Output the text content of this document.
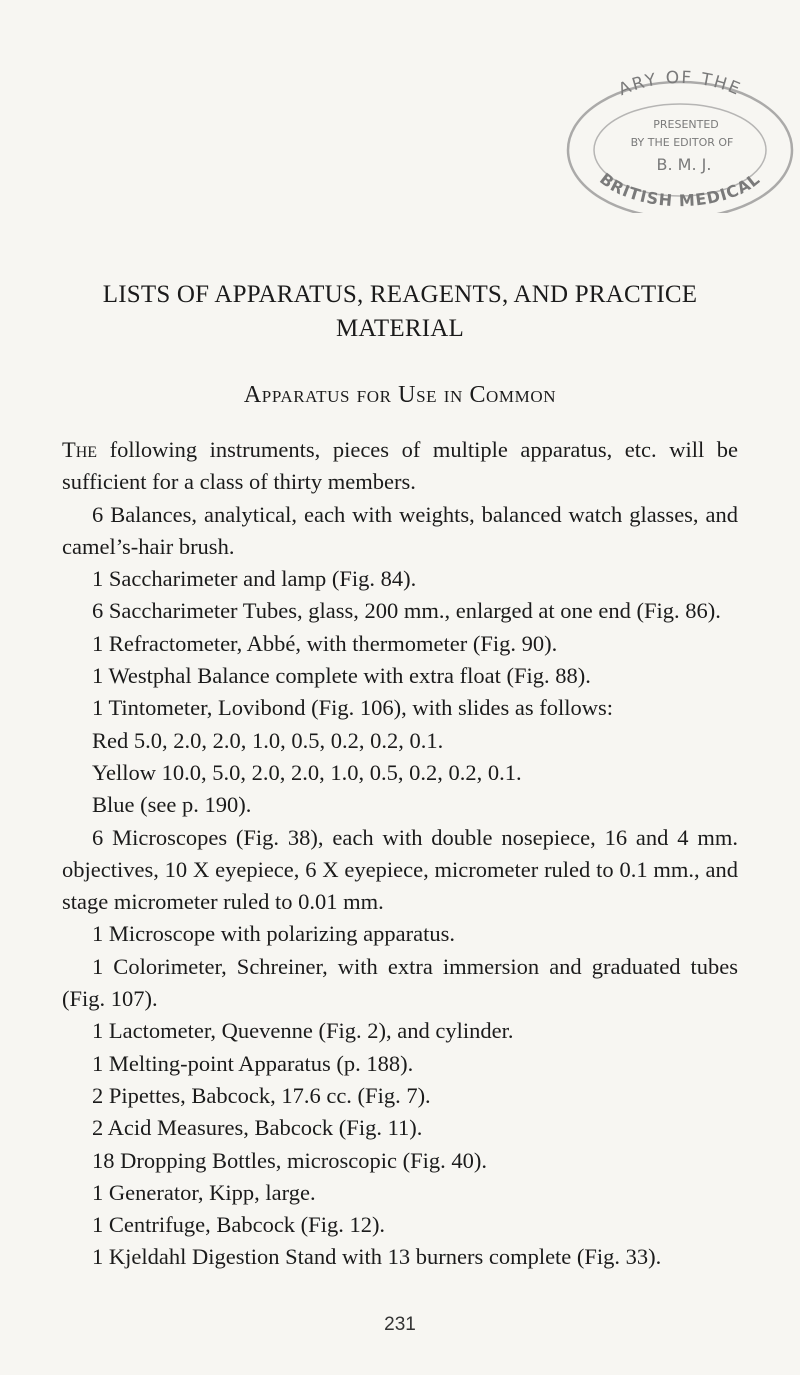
ARY OF THE
BRITISH MEDICAL
PRESENTED
BY THE EDITOR OF
B. M. J.
LISTS OF APPARATUS, REAGENTS, AND PRACTICE MATERIAL
Apparatus for Use in Common

The following instruments, pieces of multiple apparatus, etc. will be sufficient for a class of thirty members.

6 Balances, analytical, each with weights, balanced watch glasses, and camel’s-hair brush.

1 Saccharimeter and lamp (Fig. 84).

6 Saccharimeter Tubes, glass, 200 mm., enlarged at one end (Fig. 86).

1 Refractometer, Abbé, with thermometer (Fig. 90).

1 Westphal Balance complete with extra float (Fig. 88).

1 Tintometer, Lovibond (Fig. 106), with slides as follows:

Red 5.0, 2.0, 2.0, 1.0, 0.5, 0.2, 0.2, 0.1.

Yellow 10.0, 5.0, 2.0, 2.0, 1.0, 0.5, 0.2, 0.2, 0.1.

Blue (see p. 190).

6 Microscopes (Fig. 38), each with double nosepiece, 16 and 4 mm. objectives, 10 X eyepiece, 6 X eyepiece, micrometer ruled to 0.1 mm., and stage micrometer ruled to 0.01 mm.

1 Microscope with polarizing apparatus.

1 Colorimeter, Schreiner, with extra immersion and graduated tubes (Fig. 107).

1 Lactometer, Quevenne (Fig. 2), and cylinder.

1 Melting-point Apparatus (p. 188).

2 Pipettes, Babcock, 17.6 cc. (Fig. 7).

2 Acid Measures, Babcock (Fig. 11).

18 Dropping Bottles, microscopic (Fig. 40).

1 Generator, Kipp, large.

1 Centrifuge, Babcock (Fig. 12).

1 Kjeldahl Digestion Stand with 13 burners complete (Fig. 33).

231
